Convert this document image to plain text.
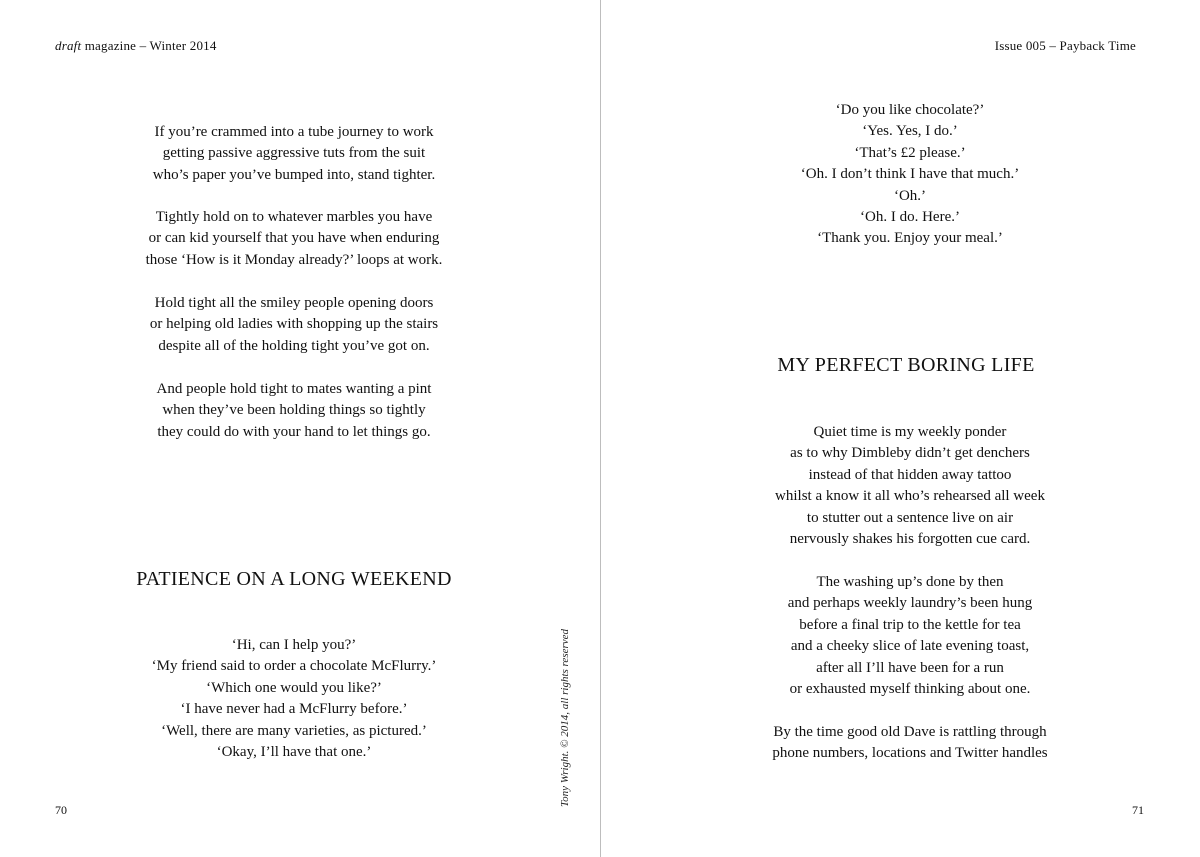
draft magazine – Winter 2014
If you’re crammed into a tube journey to work
getting passive aggressive tuts from the suit
who’s paper you’ve bumped into, stand tighter.
Tightly hold on to whatever marbles you have
or can kid yourself that you have when enduring
those ‘How is it Monday already?’ loops at work.
Hold tight all the smiley people opening doors
or helping old ladies with shopping up the stairs
despite all of the holding tight you’ve got on.
And people hold tight to mates wanting a pint
when they’ve been holding things so tightly
they could do with your hand to let things go.
PATIENCE ON A LONG WEEKEND
‘Hi, can I help you?’
‘My friend said to order a chocolate McFlurry.’
‘Which one would you like?’
‘I have never had a McFlurry before.’
‘Well, there are many varieties, as pictured.’
‘Okay, I’ll have that one.’
70
Tony Wright. © 2014, all rights reserved
Issue 005 – Payback Time
‘Do you like chocolate?’
‘Yes. Yes, I do.’
‘That’s £2 please.’
‘Oh. I don’t think I have that much.’
‘Oh.’
‘Oh. I do. Here.’
‘Thank you. Enjoy your meal.’
MY PERFECT BORING LIFE
Quiet time is my weekly ponder
as to why Dimbleby didn’t get denchers
instead of that hidden away tattoo
whilst a know it all who’s rehearsed all week
to stutter out a sentence live on air
nervously shakes his forgotten cue card.
The washing up’s done by then
and perhaps weekly laundry’s been hung
before a final trip to the kettle for tea
and a cheeky slice of late evening toast,
after all I’ll have been for a run
or exhausted myself thinking about one.
By the time good old Dave is rattling through
phone numbers, locations and Twitter handles
71
